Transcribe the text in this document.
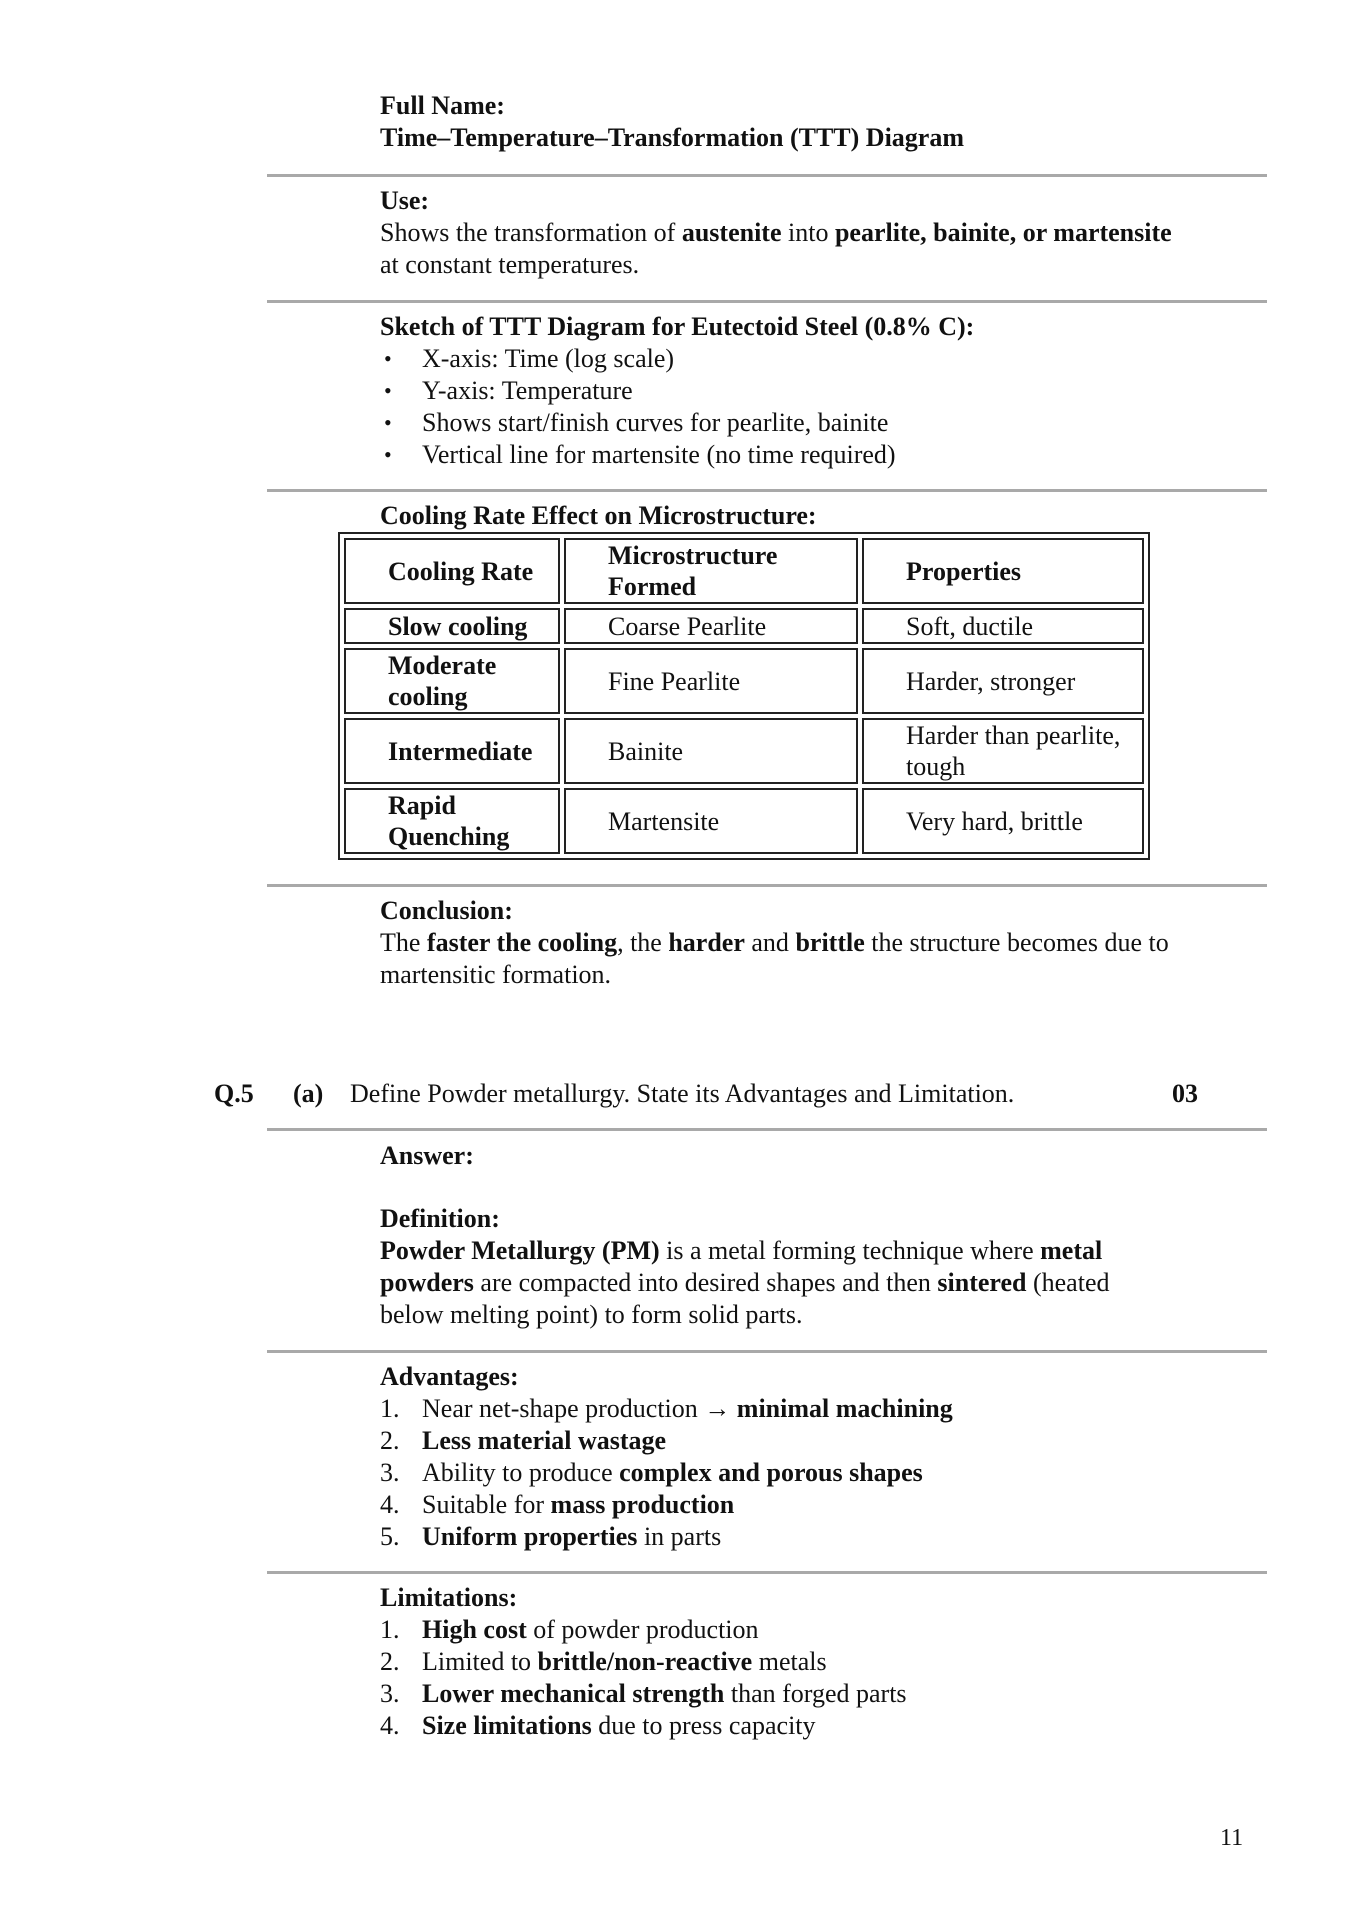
Full Name:
Time–Temperature–Transformation (TTT) Diagram
Use:
Shows the transformation of austenite into pearlite, bainite, or martensite at constant temperatures.
Sketch of TTT Diagram for Eutectoid Steel (0.8% C):
• X-axis: Time (log scale)
• Y-axis: Temperature
• Shows start/finish curves for pearlite, bainite
• Vertical line for martensite (no time required)
Cooling Rate Effect on Microstructure:
Cooling Rate	Microstructure Formed	Properties
Slow cooling	Coarse Pearlite	Soft, ductile
Moderate cooling	Fine Pearlite	Harder, stronger
Intermediate	Bainite	Harder than pearlite, tough
Rapid Quenching	Martensite	Very hard, brittle
Conclusion:
The faster the cooling, the harder and brittle the structure becomes due to martensitic formation.
Q.5 (a) Define Powder metallurgy. State its Advantages and Limitation.	03
Answer:
Definition:
Powder Metallurgy (PM) is a metal forming technique where metal powders are compacted into desired shapes and then sintered (heated below melting point) to form solid parts.
Advantages:
1. Near net-shape production → minimal machining
2. Less material wastage
3. Ability to produce complex and porous shapes
4. Suitable for mass production
5. Uniform properties in parts
Limitations:
1. High cost of powder production
2. Limited to brittle/non-reactive metals
3. Lower mechanical strength than forged parts
4. Size limitations due to press capacity
11
